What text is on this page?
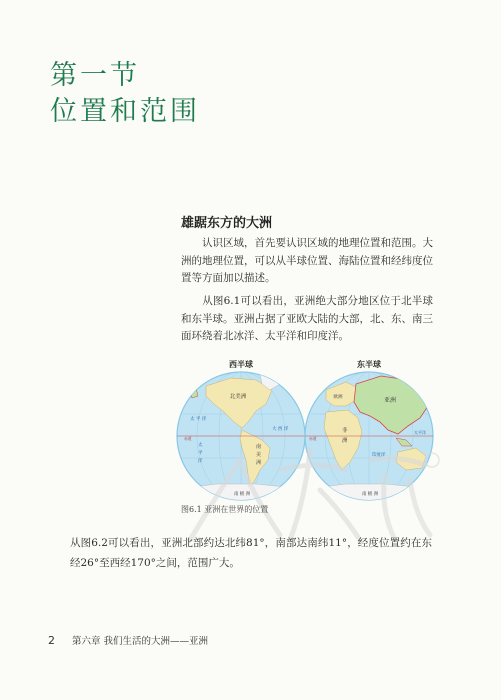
第一节
位置和范围
雄踞东方的大洲
认识区域，首先要认识区域的地理位置和范围。大洲的地理位置，可以从半球位置、海陆位置和经纬度位置等方面加以描述。
从图6.1可以看出，亚洲绝大部分地区位于北半球和东半球。亚洲占据了亚欧大陆的大部，北、东、南三面环绕着北冰洋、太平洋和印度洋。
西半球
北美洲
太 平 洋
大 西 洋
赤道
太
平
洋
南
美
洲
南 极 洲
东半球
亚洲
欧洲
非
洲
印度洋
赤道
太平洋
南 极 洲
图6.1 亚洲在世界的位置
从图6.2可以看出，亚洲北部约达北纬81°，南部达南纬11°，经度位置约在东经26°至西经170°之间，范围广大。
2 第六章 我们生活的大洲——亚洲
